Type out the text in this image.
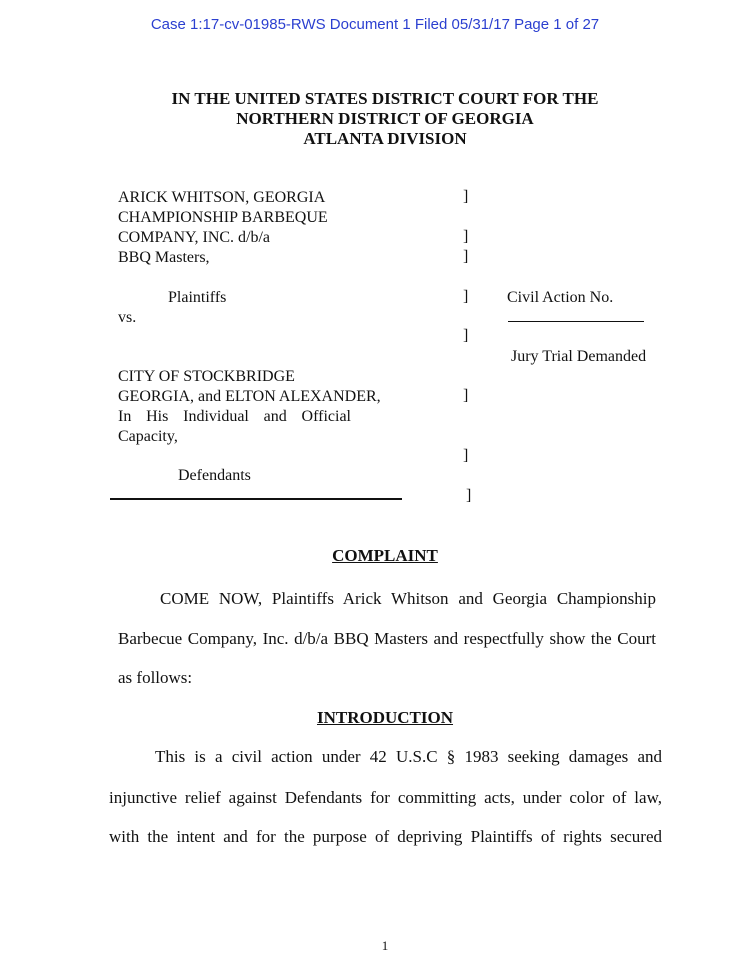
Case 1:17-cv-01985-RWS Document 1 Filed 05/31/17 Page 1 of 27
IN THE UNITED STATES DISTRICT COURT FOR THE
NORTHERN DISTRICT OF GEORGIA
ATLANTA DIVISION
ARICK WHITSON, GEORGIA
CHAMPIONSHIP BARBEQUE
COMPANY, INC. d/b/a
BBQ Masters,
Plaintiffs
vs.
CITY OF STOCKBRIDGE
GEORGIA, and ELTON ALEXANDER,
In His Individual and Official
Capacity,
Defendants
]
]
]
]
]
]
]
]
Civil Action No.
Jury Trial Demanded
COMPLAINT
COME NOW, Plaintiffs Arick Whitson and Georgia Championship
Barbecue Company, Inc. d/b/a BBQ Masters and respectfully show the Court
as follows:
INTRODUCTION
This is a civil action under 42 U.S.C § 1983 seeking damages and
injunctive relief against Defendants for committing acts, under color of law,
with the intent and for the purpose of depriving Plaintiffs of rights secured
1
